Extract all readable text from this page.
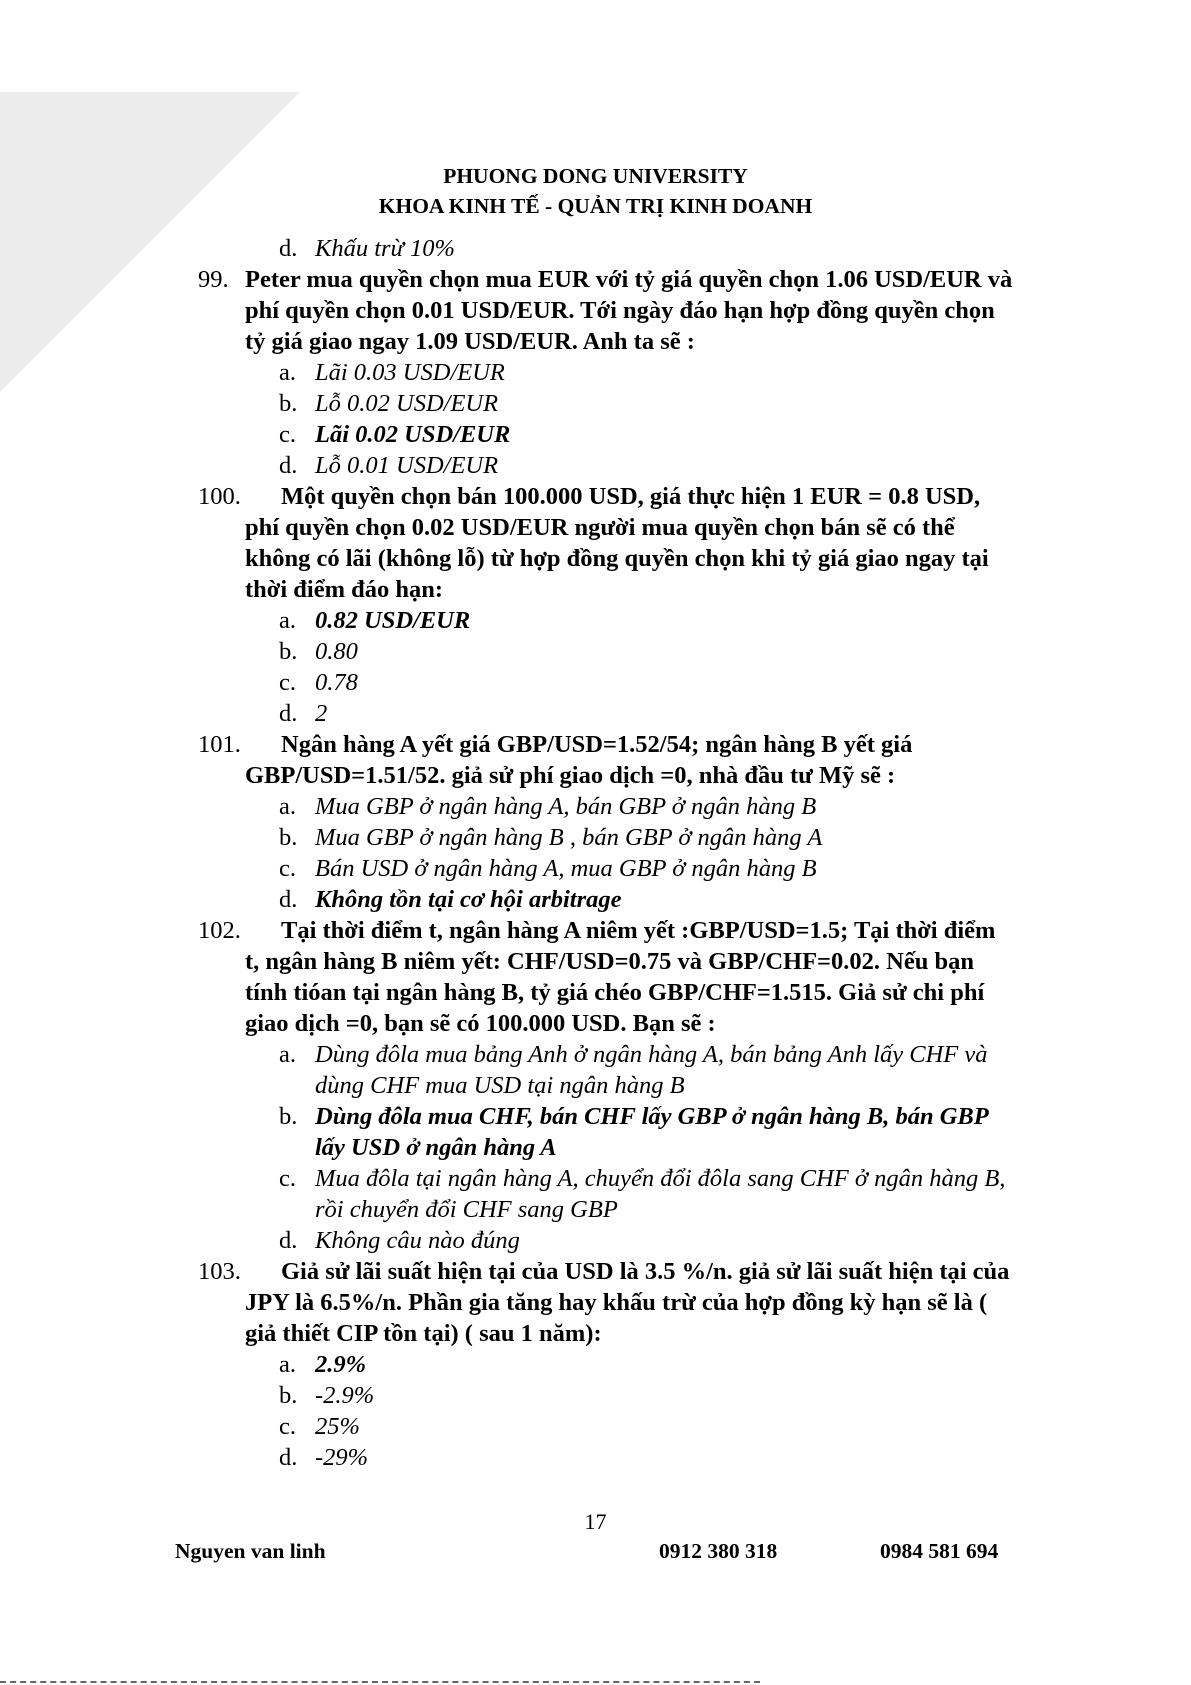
PHUONG DONG UNIVERSITY
KHOA KINH TẾ - QUẢN TRỊ KINH DOANH
d. Khấu trừ 10%
99. Peter mua quyền chọn mua EUR với tỷ giá quyền chọn 1.06 USD/EUR và phí quyền chọn 0.01 USD/EUR. Tới ngày đáo hạn hợp đồng quyền chọn tỷ giá giao ngay 1.09 USD/EUR. Anh ta sẽ :
a. Lãi 0.03 USD/EUR
b. Lỗ 0.02 USD/EUR
c. Lãi 0.02 USD/EUR
d. Lỗ 0.01 USD/EUR
100.	Một quyền chọn bán 100.000 USD, giá thực hiện 1 EUR = 0.8 USD, phí quyền chọn 0.02 USD/EUR người mua quyền chọn bán sẽ có thể không có lãi (không lỗ) từ hợp đồng quyền chọn khi tỷ giá giao ngay tại thời điểm đáo hạn:
a. 0.82 USD/EUR
b. 0.80
c. 0.78
d. 2
101.	Ngân hàng A yết giá GBP/USD=1.52/54; ngân hàng B yết giá GBP/USD=1.51/52. giả sử phí giao dịch =0, nhà đầu tư Mỹ sẽ :
a. Mua GBP ở ngân hàng A, bán GBP ở ngân hàng B
b. Mua GBP ở ngân hàng B , bán GBP ở ngân hàng A
c. Bán USD ở ngân hàng A, mua GBP ở ngân hàng B
d. Không tồn tại cơ hội arbitrage
102.	Tại thời điểm t, ngân hàng A niêm yết :GBP/USD=1.5; Tại thời điểm t, ngân hàng B niêm yết: CHF/USD=0.75 và GBP/CHF=0.02. Nếu bạn tính tióan tại ngân hàng B, tỷ giá chéo GBP/CHF=1.515. Giả sử chi phí giao dịch =0, bạn sẽ có 100.000 USD. Bạn sẽ :
a. Dùng đôla mua bảng Anh ở ngân hàng A, bán bảng Anh lấy CHF và dùng CHF mua USD tại ngân hàng B
b. Dùng đôla mua CHF, bán CHF lấy GBP ở ngân hàng B, bán GBP lấy USD ở ngân hàng A
c. Mua đôla tại ngân hàng A, chuyển đổi đôla sang CHF ở ngân hàng B, rồi chuyển đổi CHF sang GBP
d. Không câu nào đúng
103.	Giả sử lãi suất hiện tại của USD là 3.5 %/n. giả sử lãi suất hiện tại của JPY là 6.5%/n. Phần gia tăng hay khấu trừ của hợp đồng kỳ hạn sẽ là ( giả thiết CIP tồn tại) ( sau 1 năm):
a. 2.9%
b. -2.9%
c. 25%
d. -29%
17
Nguyen van linh	0912 380 318	0984 581 694
